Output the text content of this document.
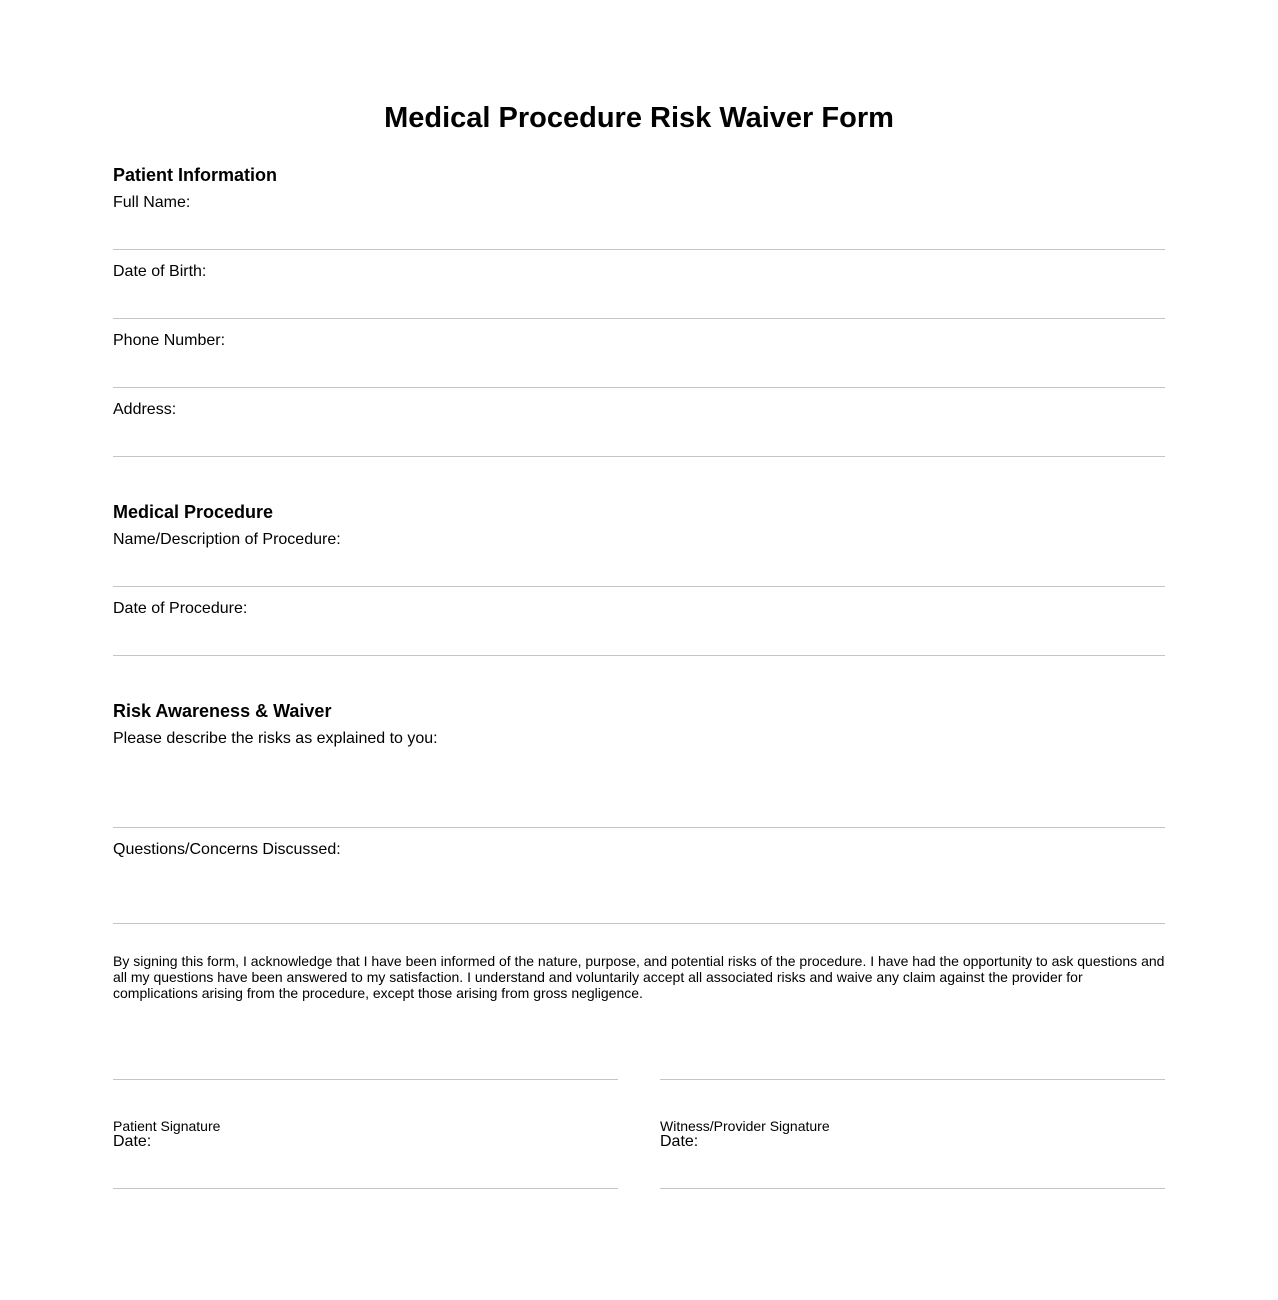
Medical Procedure Risk Waiver Form
Patient Information
Full Name:
Date of Birth:
Phone Number:
Address:
Medical Procedure
Name/Description of Procedure:
Date of Procedure:
Risk Awareness & Waiver
Please describe the risks as explained to you:
Questions/Concerns Discussed:
By signing this form, I acknowledge that I have been informed of the nature, purpose, and potential risks of the procedure. I have had the opportunity to ask questions and all my questions have been answered to my satisfaction. I understand and voluntarily accept all associated risks and waive any claim against the provider for complications arising from the procedure, except those arising from gross negligence.
Patient Signature
Date:
Witness/Provider Signature
Date:
